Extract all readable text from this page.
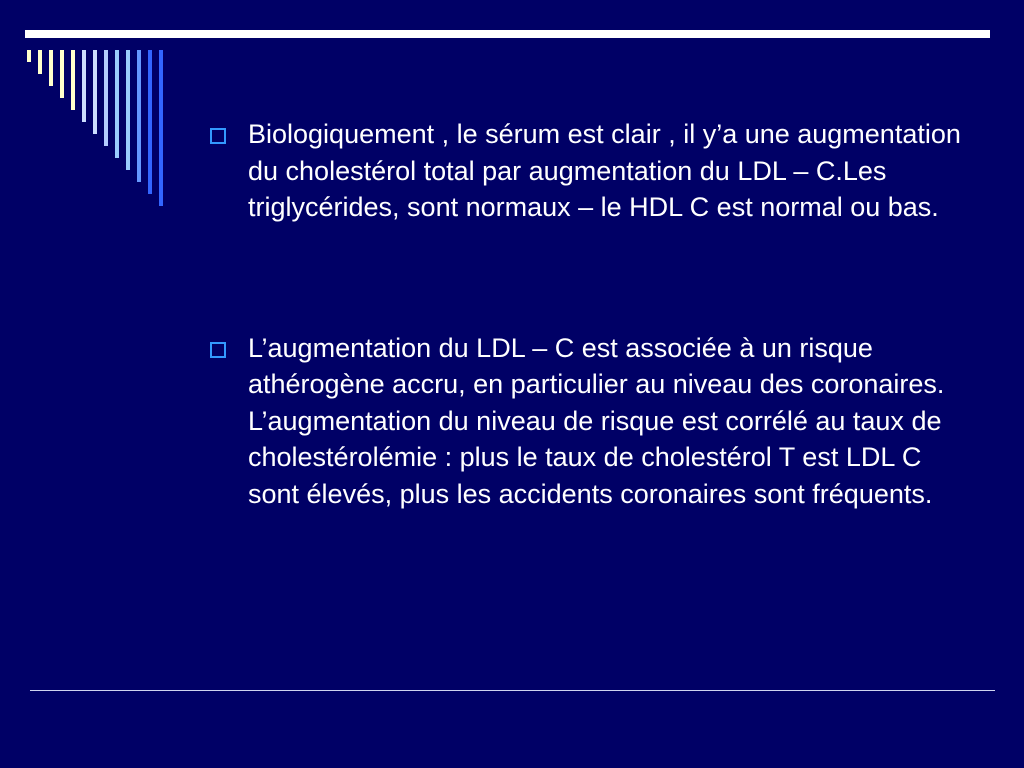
Biologiquement , le sérum est clair , il y’a une augmentation du cholestérol total par augmentation du LDL – C.Les triglycérides, sont normaux – le HDL C est normal ou bas.

L’augmentation du LDL – C est associée à un risque athérogène accru, en particulier au niveau des coronaires. L’augmentation du niveau de risque est corrélé au taux de cholestérolémie : plus le taux de cholestérol T est LDL C sont élevés, plus les accidents coronaires sont fréquents.
